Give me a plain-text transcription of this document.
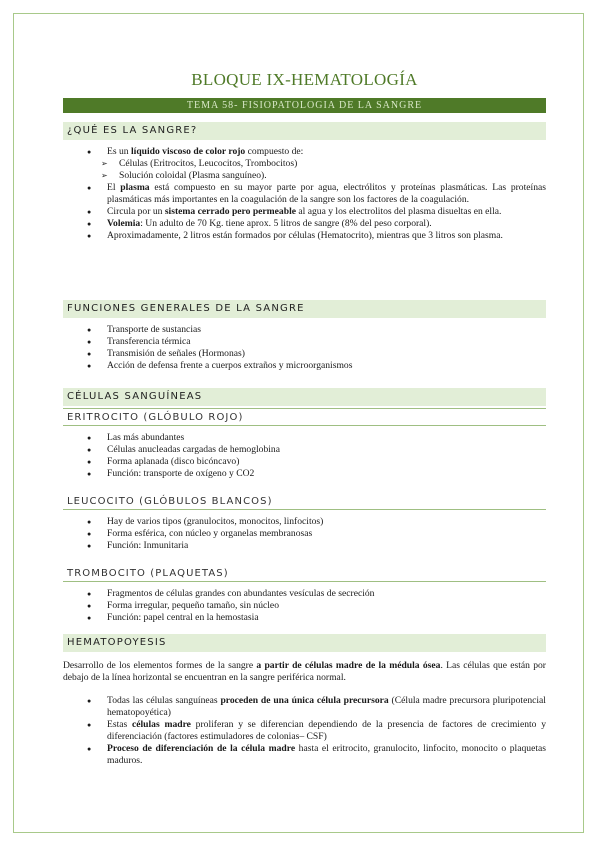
BLOQUE IX-HEMATOLOGÍA
TEMA 58- FISIOPATOLOGIA DE LA SANGRE
¿QUÉ ES LA SANGRE?
● Es un líquido viscoso de color rojo compuesto de:
➢ Células (Eritrocitos, Leucocitos, Trombocitos)
➢ Solución coloidal (Plasma sanguíneo).
● El plasma está compuesto en su mayor parte por agua, electrólitos y proteínas plasmáticas. Las proteínas plasmáticas más importantes en la coagulación de la sangre son los factores de la coagulación.
● Circula por un sistema cerrado pero permeable al agua y los electrolitos del plasma disueltas en ella.
● Volemia: Un adulto de 70 Kg. tiene aprox. 5 litros de sangre (8% del peso corporal).
● Aproximadamente, 2 litros están formados por células (Hematocrito), mientras que 3 litros son plasma.
FUNCIONES GENERALES DE LA SANGRE
● Transporte de sustancias
● Transferencia térmica
● Transmisión de señales (Hormonas)
● Acción de defensa frente a cuerpos extraños y microorganismos
CÉLULAS SANGUÍNEAS
ERITROCITO (GLÓBULO ROJO)
● Las más abundantes
● Células anucleadas cargadas de hemoglobina
● Forma aplanada (disco bicóncavo)
● Función: transporte de oxígeno y CO2
LEUCOCITO (GLÓBULOS BLANCOS)
● Hay de varios tipos (granulocitos, monocitos, linfocitos)
● Forma esférica, con núcleo y organelas membranosas
● Función: Inmunitaria
TROMBOCITO (PLAQUETAS)
● Fragmentos de células grandes con abundantes vesículas de secreción
● Forma irregular, pequeño tamaño, sin núcleo
● Función: papel central en la hemostasia
HEMATOPOYESIS

Desarrollo de los elementos formes de la sangre a partir de células madre de la médula ósea. Las células que están por debajo de la línea horizontal se encuentran en la sangre periférica normal.

● Todas las células sanguíneas proceden de una única célula precursora (Célula madre precursora pluripotencial hematopoyética)
● Estas células madre proliferan y se diferencian dependiendo de la presencia de factores de crecimiento y diferenciación (factores estimuladores de colonias– CSF)
● Proceso de diferenciación de la célula madre hasta el eritrocito, granulocito, linfocito, monocito o plaquetas maduros.
